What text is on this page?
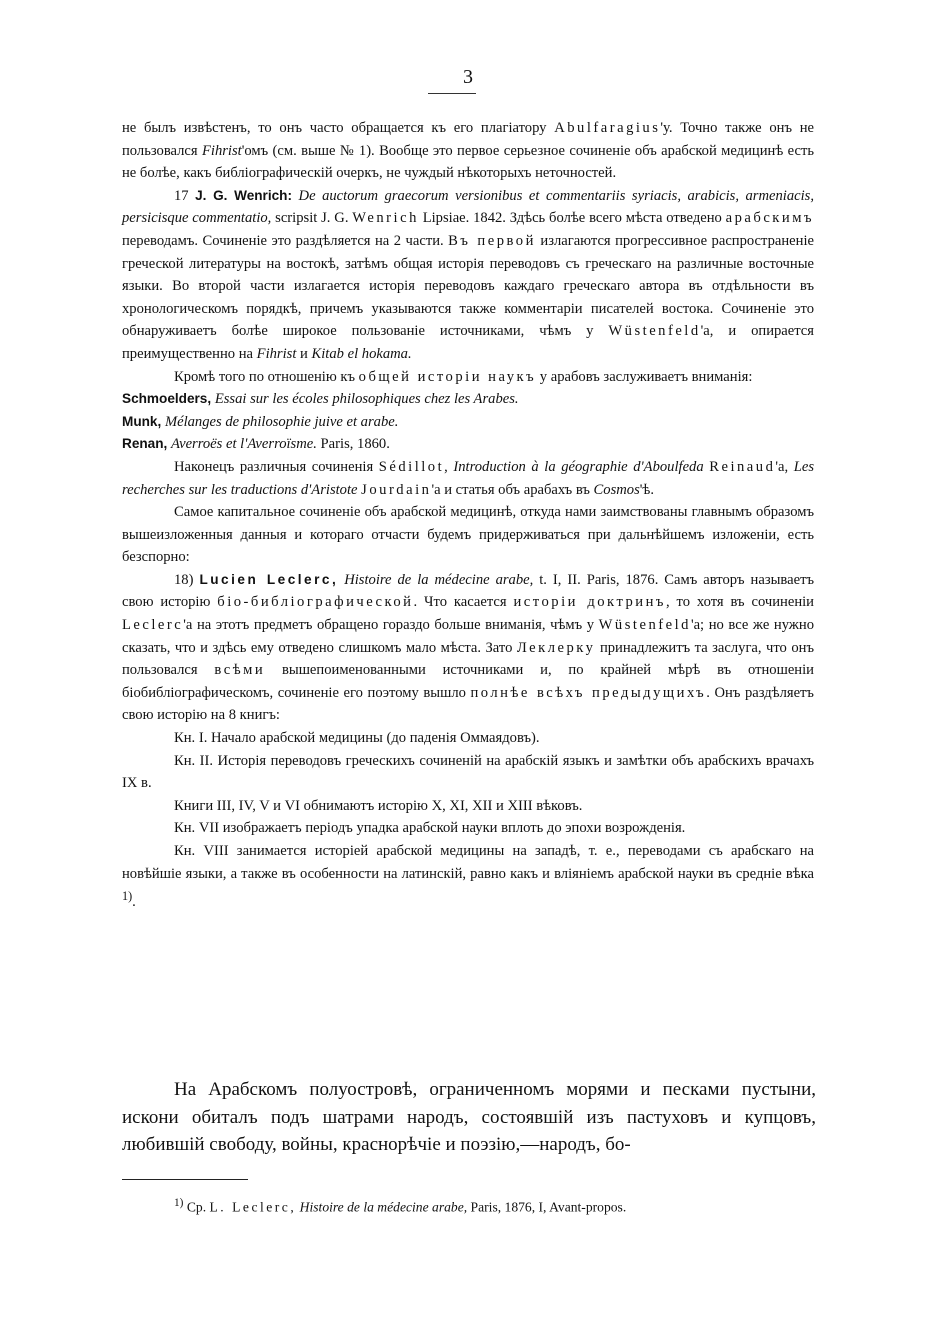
3

не былъ извѣстенъ, то онъ часто обращается къ его плагіатору Abulfaragius'у. Точно также онъ не пользовался Fihrist'омъ (см. выше № 1). Вообще это первое серьезное сочиненіе объ арабской медицинѣ есть не болѣе, какъ библіографическій очеркъ, не чуждый нѣкоторыхъ неточностей.

17 J. G. Wenrich: De auctorum graecorum versionibus et commentariis syriacis, arabicis, armeniacis, persicisque commentatio, scripsit J. G. Wenrich Lipsiae. 1842. Здѣсь болѣе всего мѣста отведено арабскимъ переводамъ. Сочиненіе это раздѣляется на 2 части. Въ первой излагаются прогрессивное распространеніе греческой литературы на востокѣ, затѣмъ общая исторія переводовъ съ греческаго на различные восточные языки. Во второй части излагается исторія переводовъ каждаго греческаго автора въ отдѣльности въ хронологическомъ порядкѣ, причемъ указываются также комментаріи писателей востока. Сочиненіе это обнаруживаетъ болѣе широкое пользованіе источниками, чѣмъ у Wüstenfeld'а, и опирается преимущественно на Fihrist и Kitab el hokama.

Кромѣ того по отношенію къ общей исторіи наукъ у арабовъ заслуживаетъ вниманія:

Schmoelders, Essai sur les écoles philosophiques chez les Arabes.

Munk, Mélanges de philosophie juive et arabe.

Renan, Averroës et l'Averroïsme. Paris, 1860.

Наконецъ различныя сочиненія Sédillot, Introduction à la géographie d'Aboulfeda Reinaud'а, Les recherches sur les traductions d'Aristote Jourdain'а и статья объ арабахъ въ Cosmos'ѣ.

Самое капитальное сочиненіе объ арабской медицинѣ, откуда нами заимствованы главнымъ образомъ вышеизложенныя данныя и котораго отчасти будемъ придерживаться при дальнѣйшемъ изложеніи, есть безспорно:

18) Lucien Leclerc, Histoire de la médecine arabe, t. I, II. Paris, 1876. Самъ авторъ называетъ свою исторію біо-библіографической. Что касается исторіи доктринъ, то хотя въ сочиненіи Leclerc'а на этотъ предметъ обращено гораздо больше вниманія, чѣмъ у Wüstenfeld'а; но все же нужно сказать, что и здѣсь ему отведено слишкомъ мало мѣста. Зато Леклерку принадлежитъ та заслуга, что онъ пользовался всѣми вышепоименованными источниками и, по крайней мѣрѣ въ отношеніи біобиблiографическомъ, сочиненіе его поэтому вышло полнѣе всѣхъ предыдущихъ. Онъ раздѣляетъ свою исторію на 8 книгъ:

Кн. I. Начало арабской медицины (до паденія Оммаядовъ).

Кн. II. Исторія переводовъ греческихъ сочиненій на арабскій языкъ и замѣтки объ арабскихъ врачахъ IX в.

Книги III, IV, V и VI обнимаютъ исторію X, XI, XII и XIII вѣковъ.

Кн. VII изображаетъ періодъ упадка арабской науки вплоть до эпохи возрожденія.

Кн. VIII занимается исторіей арабской медицины на западѣ, т. е., переводами съ арабскаго на новѣйшіе языки, а также въ особенности на латинскій, равно какъ и вліяніемъ арабской науки въ средніе вѣка $^{1)}$.

На Арабскомъ полуостровѣ, ограниченномъ морями и песками пустыни, искони обиталъ подъ шатрами народъ, состоявшій изъ пастуховъ и купцовъ, любившій свободу, войны, краснорѣчіе и поэзію,—народъ, бо-

$^{1)}$ Ср. L. Leclerc, Histoire de la médecine arabe, Paris, 1876, I, Avant-propos.
